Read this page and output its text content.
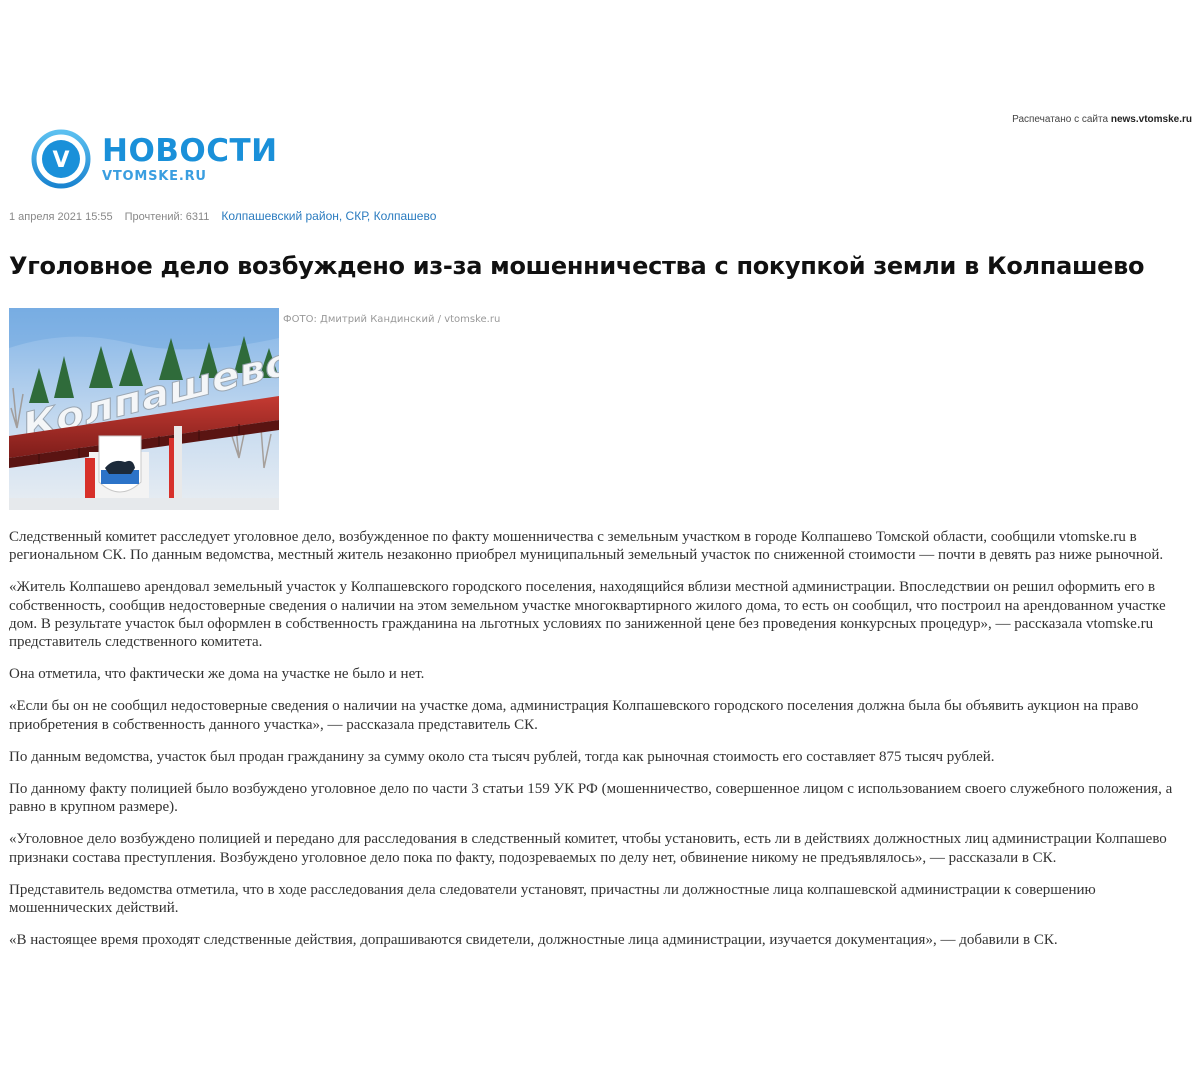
Распечатано с сайта news.vtomske.ru
V НОВОСТИ
VTOMSKE.RU
1 апреля 2021 15:55 Прочтений: 6311 Колпашевский район, СКР, Колпашево
Уголовное дело возбуждено из-за мошенничества с покупкой земли в Колпашево
Колпашево
ФОТО: Дмитрий Кандинский / vtomske.ru

Следственный комитет расследует уголовное дело, возбужденное по факту мошенничества с земельным участком в городе Колпашево Томской области, сообщили vtomske.ru в региональном СК. По данным ведомства, местный житель незаконно приобрел муниципальный земельный участок по сниженной стоимости — почти в девять раз ниже рыночной.

«Житель Колпашево арендовал земельный участок у Колпашевского городского поселения, находящийся вблизи местной администрации. Впоследствии он решил оформить его в собственность, сообщив недостоверные сведения о наличии на этом земельном участке многоквартирного жилого дома, то есть он сообщил, что построил на арендованном участке дом. В результате участок был оформлен в собственность гражданина на льготных условиях по заниженной цене без проведения конкурсных процедур», — рассказала vtomske.ru представитель следственного комитета.

Она отметила, что фактически же дома на участке не было и нет.

«Если бы он не сообщил недостоверные сведения о наличии на участке дома, администрация Колпашевского городского поселения должна была бы объявить аукцион на право приобретения в собственность данного участка», — рассказала представитель СК.

По данным ведомства, участок был продан гражданину за сумму около ста тысяч рублей, тогда как рыночная стоимость его составляет 875 тысяч рублей.

По данному факту полицией было возбуждено уголовное дело по части 3 статьи 159 УК РФ (мошенничество, совершенное лицом с использованием своего служебного положения, а равно в крупном размере).

«Уголовное дело возбуждено полицией и передано для расследования в следственный комитет, чтобы установить, есть ли в действиях должностных лиц администрации Колпашево признаки состава преступления. Возбуждено уголовное дело пока по факту, подозреваемых по делу нет, обвинение никому не предъявлялось», — рассказали в СК.

Представитель ведомства отметила, что в ходе расследования дела следователи установят, причастны ли должностные лица колпашевской администрации к совершению мошеннических действий.

«В настоящее время проходят следственные действия, допрашиваются свидетели, должностные лица администрации, изучается документация», — добавили в СК.
